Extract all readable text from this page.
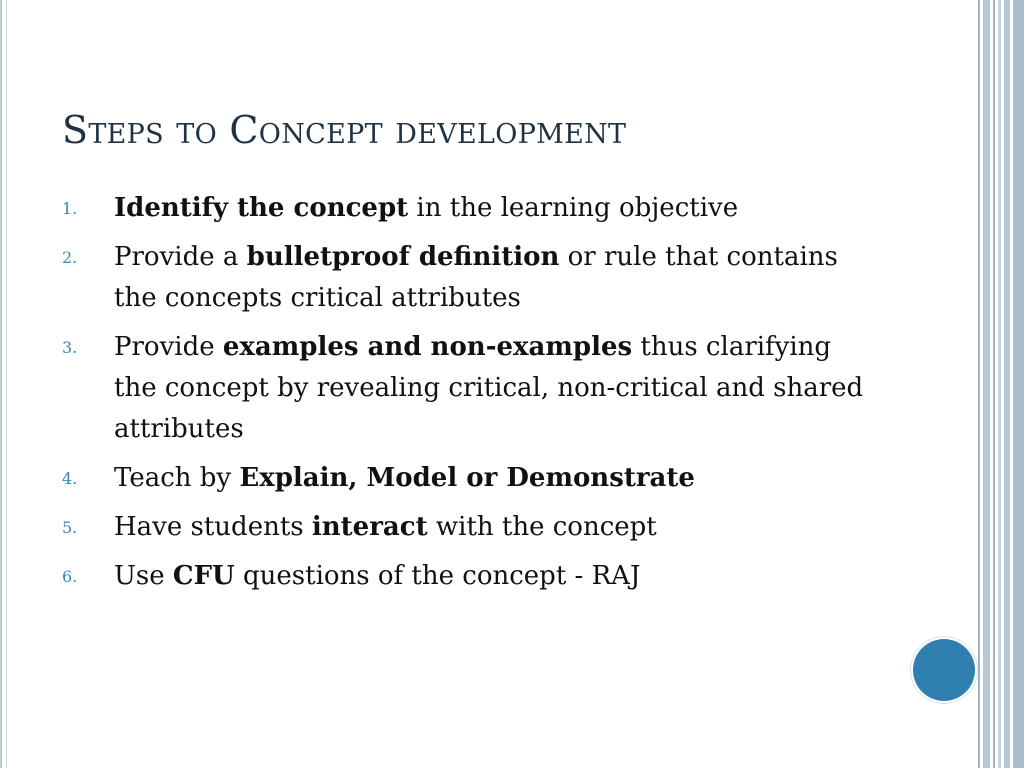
Steps to Concept development
1. Identify the concept in the learning objective
2. Provide a bulletproof definition or rule that contains the concepts critical attributes
3. Provide examples and non-examples thus clarifying the concept by revealing critical, non-critical and shared attributes
4. Teach by Explain, Model or Demonstrate
5. Have students interact with the concept
6. Use CFU questions of the concept - RAJ
